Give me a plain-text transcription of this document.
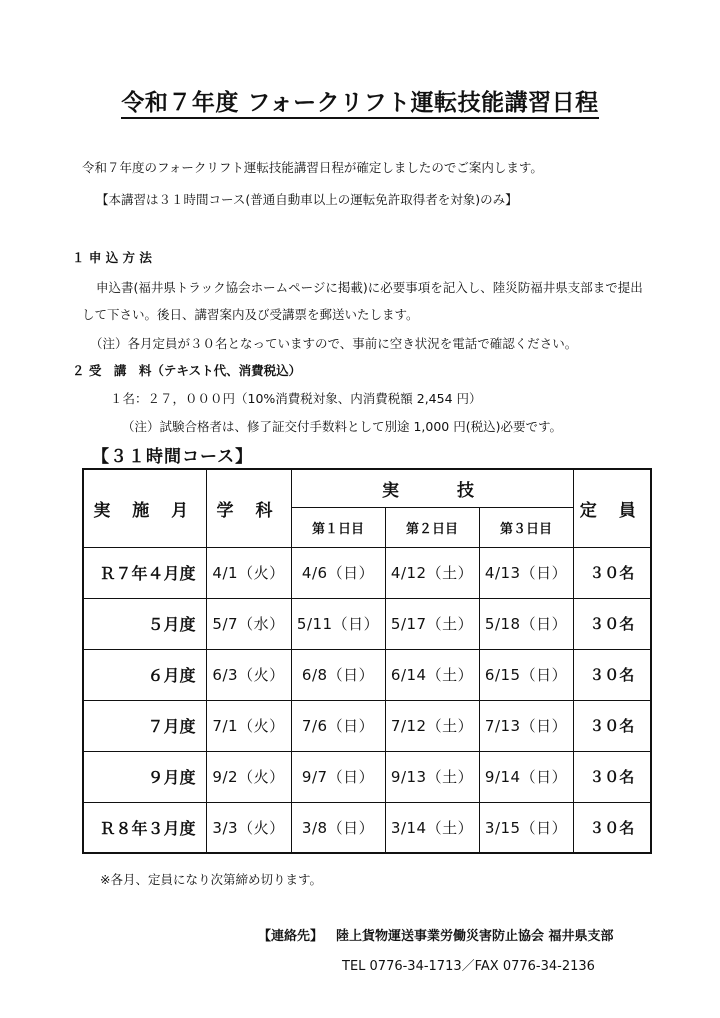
令和７年度 フォークリフト運転技能講習日程
令和７年度のフォークリフト運転技能講習日程が確定しましたのでご案内します。
【本講習は３１時間コース(普通自動車以上の運転免許取得者を対象)のみ】
１ 申 込 方 法
申込書(福井県トラック協会ホームページに掲載)に必要事項を記入し、陸災防福井県支部まで提出
して下さい。後日、講習案内及び受講票を郵送いたします。
（注）各月定員が３０名となっていますので、事前に空き状況を電話で確認ください。
２ 受　講　料（テキスト代、消費税込）
１名：２７，０００円（10%消費税対象、内消費税額 2,454 円）
（注）試験合格者は、修了証交付手数料として別途 1,000 円(税込)必要です。
【３１時間コース】
実 施 月	学 科	実　　技			定 員
		第１日目	第２日目	第３日目	
Ｒ７年４月度	4/1（火）	4/6（日）	4/12（土）	4/13（日）	３０名
５月度	5/7（水）	5/11（日）	5/17（土）	5/18（日）	３０名
６月度	6/3（火）	6/8（日）	6/14（土）	6/15（日）	３０名
７月度	7/1（火）	7/6（日）	7/12（土）	7/13（日）	３０名
９月度	9/2（火）	9/7（日）	9/13（土）	9/14（日）	３０名
Ｒ８年３月度	3/3（火）	3/8（日）	3/14（土）	3/15（日）	３０名
※各月、定員になり次第締め切ります。
【連絡先】 陸上貨物運送事業労働災害防止協会 福井県支部
TEL 0776-34-1713／FAX 0776-34-2136
